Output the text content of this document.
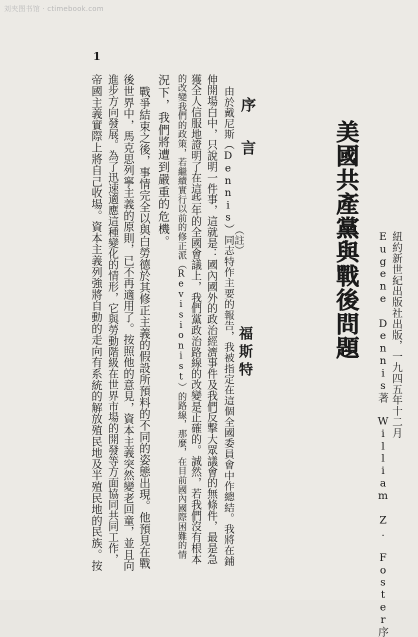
刘夹图书馆 · ctimebook.com
1
美國共產黨與戰後問題 Eugene Dennis著 William Z. Foster序 紐約新世紀出版社出版，一九四五年十二月
序言
（註）
福斯特
由於戴尼斯（Dennis）同志特作主要的報告，我被指定在這個全國委員會中作總結。我將在鋪
伸開場白中，只說明一件事，這就是：國內國外的政治經濟事件及我們反擊大眾議會的無條件，最是急
獲全人信服地證明了在這些年的全國會議上，我們黨政治路線的改變是正確的。誠然，若我們沒有根本
的改變我們的政策，若繼續實行以前的修正派（Revisionist）的路線，那麼，在目前國內國際困難的情
況下，我們將遭到嚴重的危機。
戰爭結束之後，事情完全以與白勞德於其修正主義的假設所預料的不同的姿態出現。他預見在戰
後世界中，馬克思列寧主義的原則，已不再適用了。按照他的意見，資本主義突然變老回童，並且向
進步方向發展。為了迅速適應這種變化的情形，它與勞動階級在世界市場的開發等方面協同共同工作，
帝國主義實際上將自己收場。資本主義列強將自動的走向有系統的解放殖民地及半殖民地的民族。按
